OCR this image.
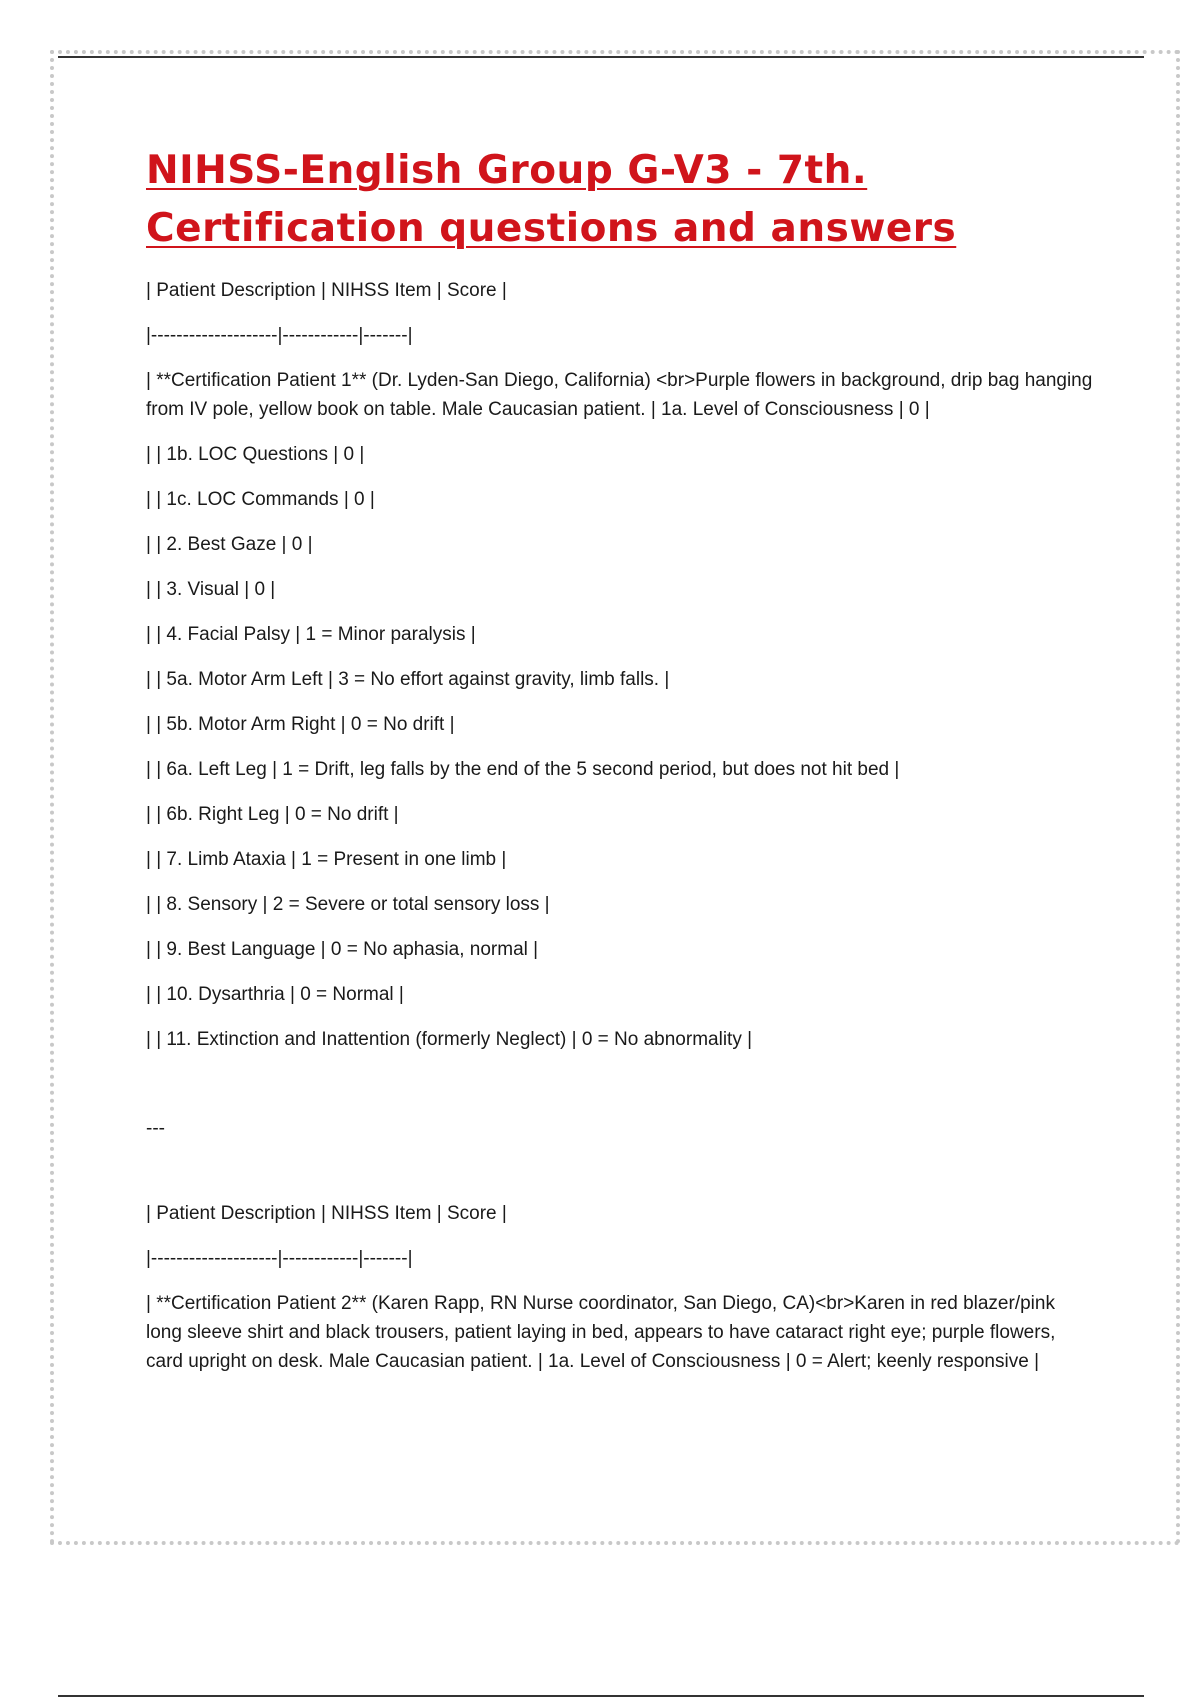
NIHSS-English Group G-V3 - 7th. Certification questions and answers

| Patient Description | NIHSS Item | Score |

|--------------------|------------|-------|

| **Certification Patient 1** (Dr. Lyden-San Diego, California) <br>Purple flowers in background, drip bag hanging from IV pole, yellow book on table. Male Caucasian patient. | 1a. Level of Consciousness | 0 |

| | 1b. LOC Questions | 0 |

| | 1c. LOC Commands | 0 |

| | 2. Best Gaze | 0 |

| | 3. Visual | 0 |

| | 4. Facial Palsy | 1 = Minor paralysis |

| | 5a. Motor Arm Left | 3 = No effort against gravity, limb falls. |

| | 5b. Motor Arm Right | 0 = No drift |

| | 6a. Left Leg | 1 = Drift, leg falls by the end of the 5 second period, but does not hit bed |

| | 6b. Right Leg | 0 = No drift |

| | 7. Limb Ataxia | 1 = Present in one limb |

| | 8. Sensory | 2 = Severe or total sensory loss |

| | 9. Best Language | 0 = No aphasia, normal |

| | 10. Dysarthria | 0 = Normal |

| | 11. Extinction and Inattention (formerly Neglect) | 0 = No abnormality |

---

| Patient Description | NIHSS Item | Score |

|--------------------|------------|-------|

| **Certification Patient 2** (Karen Rapp, RN Nurse coordinator, San Diego, CA)<br>Karen in red blazer/pink long sleeve shirt and black trousers, patient laying in bed, appears to have cataract right eye; purple flowers, card upright on desk. Male Caucasian patient. | 1a. Level of Consciousness | 0 = Alert; keenly responsive |
